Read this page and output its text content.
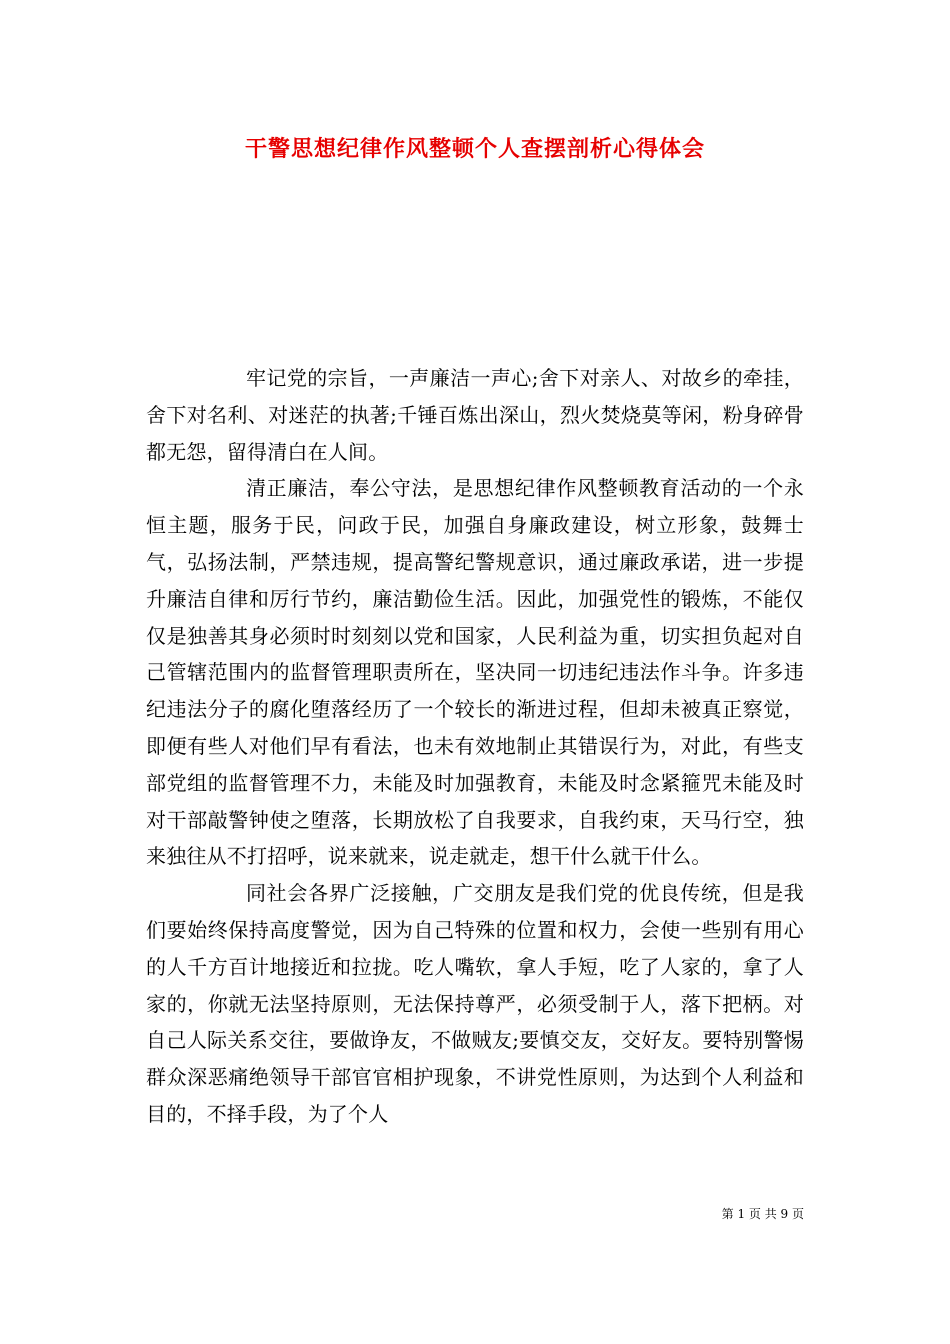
干警思想纪律作风整顿个人查摆剖析心得体会

牢记党的宗旨，一声廉洁一声心;舍下对亲人、对故乡的牵挂，舍下对名利、对迷茫的执著;千锤百炼出深山，烈火焚烧莫等闲，粉身碎骨都无怨，留得清白在人间。

清正廉洁，奉公守法，是思想纪律作风整顿教育活动的一个永恒主题，服务于民，问政于民，加强自身廉政建设，树立形象，鼓舞士气，弘扬法制，严禁违规，提高警纪警规意识，通过廉政承诺，进一步提升廉洁自律和厉行节约，廉洁勤俭生活。因此，加强党性的锻炼，不能仅仅是独善其身必须时时刻刻以党和国家，人民利益为重，切实担负起对自己管辖范围内的监督管理职责所在，坚决同一切违纪违法作斗争。许多违纪违法分子的腐化堕落经历了一个较长的渐进过程，但却未被真正察觉，即便有些人对他们早有看法，也未有效地制止其错误行为，对此，有些支部党组的监督管理不力，未能及时加强教育，未能及时念紧箍咒未能及时对干部敲警钟使之堕落，长期放松了自我要求，自我约束，天马行空，独来独往从不打招呼，说来就来，说走就走，想干什么就干什么。

同社会各界广泛接触，广交朋友是我们党的优良传统，但是我们要始终保持高度警觉，因为自己特殊的位置和权力，会使一些别有用心的人千方百计地接近和拉拢。吃人嘴软，拿人手短，吃了人家的，拿了人家的，你就无法坚持原则，无法保持尊严，必须受制于人，落下把柄。对自己人际关系交往，要做诤友，不做贼友;要慎交友，交好友。要特别警惕群众深恶痛绝领导干部官官相护现象，不讲党性原则，为达到个人利益和目的，不择手段，为了个人

第 1 页 共 9 页
